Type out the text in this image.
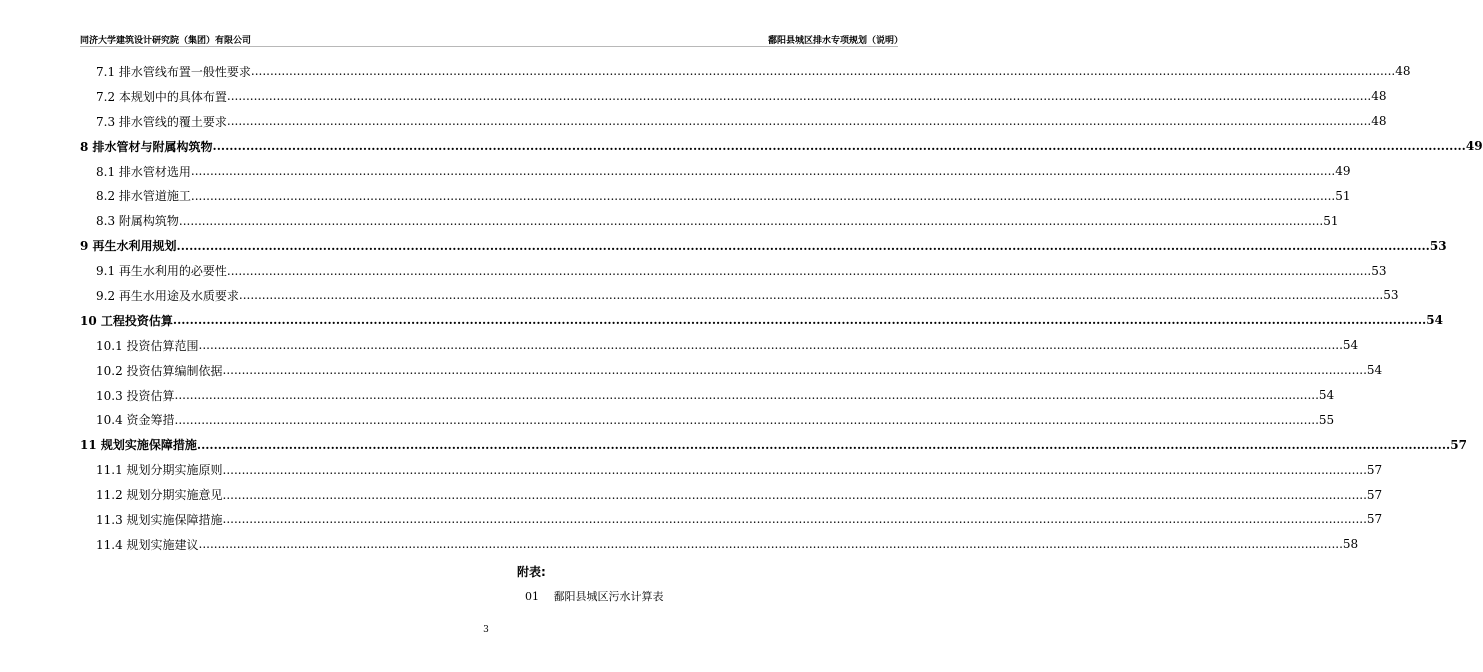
同济大学建筑设计研究院（集团）有限公司	鄱阳县城区排水专项规划（说明）
7.1 排水管线布置一般性要求 ............................................................................................................................................................................................................................................................................................................ 48
7.2 本规划中的具体布置 ............................................................................................................................................................................................................................................................................................................ 48
7.3 排水管线的覆土要求 ............................................................................................................................................................................................................................................................................................................ 48
8 排水管材与附属构筑物 ............................................................................................................................................................................................................................................................................................................ 49
8.1 排水管材选用 ............................................................................................................................................................................................................................................................................................................ 49
8.2 排水管道施工 ............................................................................................................................................................................................................................................................................................................ 51
8.3 附属构筑物 ............................................................................................................................................................................................................................................................................................................ 51
9 再生水利用规划 ............................................................................................................................................................................................................................................................................................................ 53
9.1 再生水利用的必要性 ............................................................................................................................................................................................................................................................................................................ 53
9.2 再生水用途及水质要求 ............................................................................................................................................................................................................................................................................................................ 53
10 工程投资估算 ............................................................................................................................................................................................................................................................................................................ 54
10.1 投资估算范围 ............................................................................................................................................................................................................................................................................................................ 54
10.2 投资估算编制依据 ............................................................................................................................................................................................................................................................................................................ 54
10.3 投资估算 ............................................................................................................................................................................................................................................................................................................ 54
10.4 资金筹措 ............................................................................................................................................................................................................................................................................................................ 55
11 规划实施保障措施 ............................................................................................................................................................................................................................................................................................................ 57
11.1 规划分期实施原则 ............................................................................................................................................................................................................................................................................................................ 57
11.2 规划分期实施意见 ............................................................................................................................................................................................................................................................................................................ 57
11.3 规划实施保障措施 ............................................................................................................................................................................................................................................................................................................ 57
11.4 规划实施建议 ............................................................................................................................................................................................................................................................................................................ 58
附表:
01 鄱阳县城区污水计算表
3
